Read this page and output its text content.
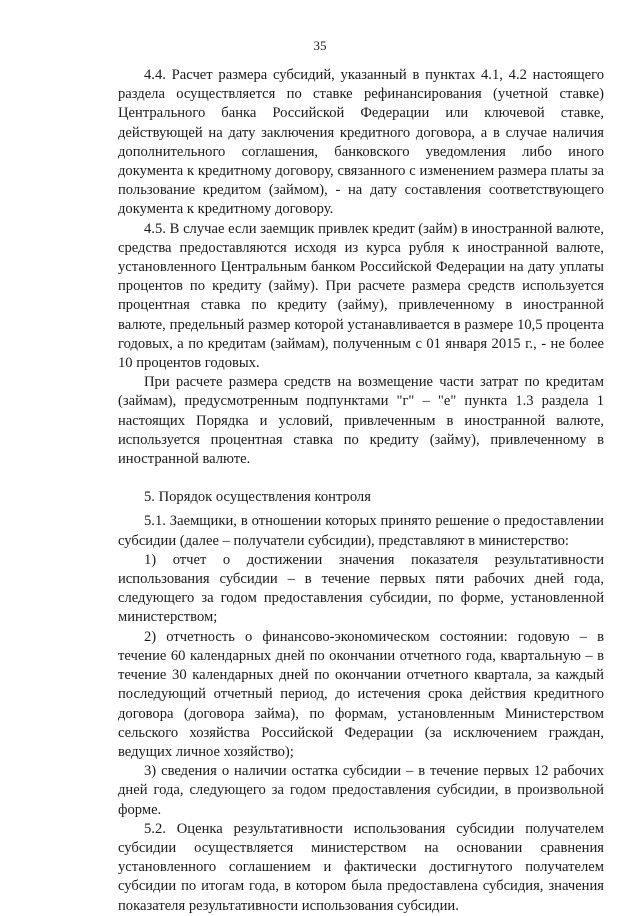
35

4.4. Расчет размера субсидий, указанный в пунктах 4.1, 4.2 настоящего раздела осуществляется по ставке рефинансирования (учетной ставке) Центрального банка Российской Федерации или ключевой ставке, действующей на дату заключения кредитного договора, а в случае наличия дополнительного соглашения, банковского уведомления либо иного документа к кредитному договору, связанного с изменением размера платы за пользование кредитом (займом), - на дату составления соответствующего документа к кредитному договору.

4.5. В случае если заемщик привлек кредит (займ) в иностранной валюте, средства предоставляются исходя из курса рубля к иностранной валюте, установленного Центральным банком Российской Федерации на дату уплаты процентов по кредиту (займу). При расчете размера средств используется процентная ставка по кредиту (займу), привлеченному в иностранной валюте, предельный размер которой устанавливается в размере 10,5 процента годовых, а по кредитам (займам), полученным с 01 января 2015 г., - не более 10 процентов годовых.

При расчете размера средств на возмещение части затрат по кредитам (займам), предусмотренным подпунктами "г" – "е" пункта 1.3 раздела 1 настоящих Порядка и условий, привлеченным в иностранной валюте, используется процентная ставка по кредиту (займу), привлеченному в иностранной валюте.

5. Порядок осуществления контроля

5.1. Заемщики, в отношении которых принято решение о предоставлении субсидии (далее – получатели субсидии), представляют в министерство:

1) отчет о достижении значения показателя результативности использования субсидии – в течение первых пяти рабочих дней года, следующего за годом предоставления субсидии, по форме, установленной министерством;

2) отчетность о финансово-экономическом состоянии: годовую – в течение 60 календарных дней по окончании отчетного года, квартальную – в течение 30 календарных дней по окончании отчетного квартала, за каждый последующий отчетный период, до истечения срока действия кредитного договора (договора займа), по формам, установленным Министерством сельского хозяйства Российской Федерации (за исключением граждан, ведущих личное хозяйство);

3) сведения о наличии остатка субсидии – в течение первых 12 рабочих дней года, следующего за годом предоставления субсидии, в произвольной форме.

5.2. Оценка результативности использования субсидии получателем субсидии осуществляется министерством на основании сравнения установленного соглашением и фактически достигнутого получателем субсидии по итогам года, в котором была предоставлена субсидия, значения показателя результативности использования субсидии.
